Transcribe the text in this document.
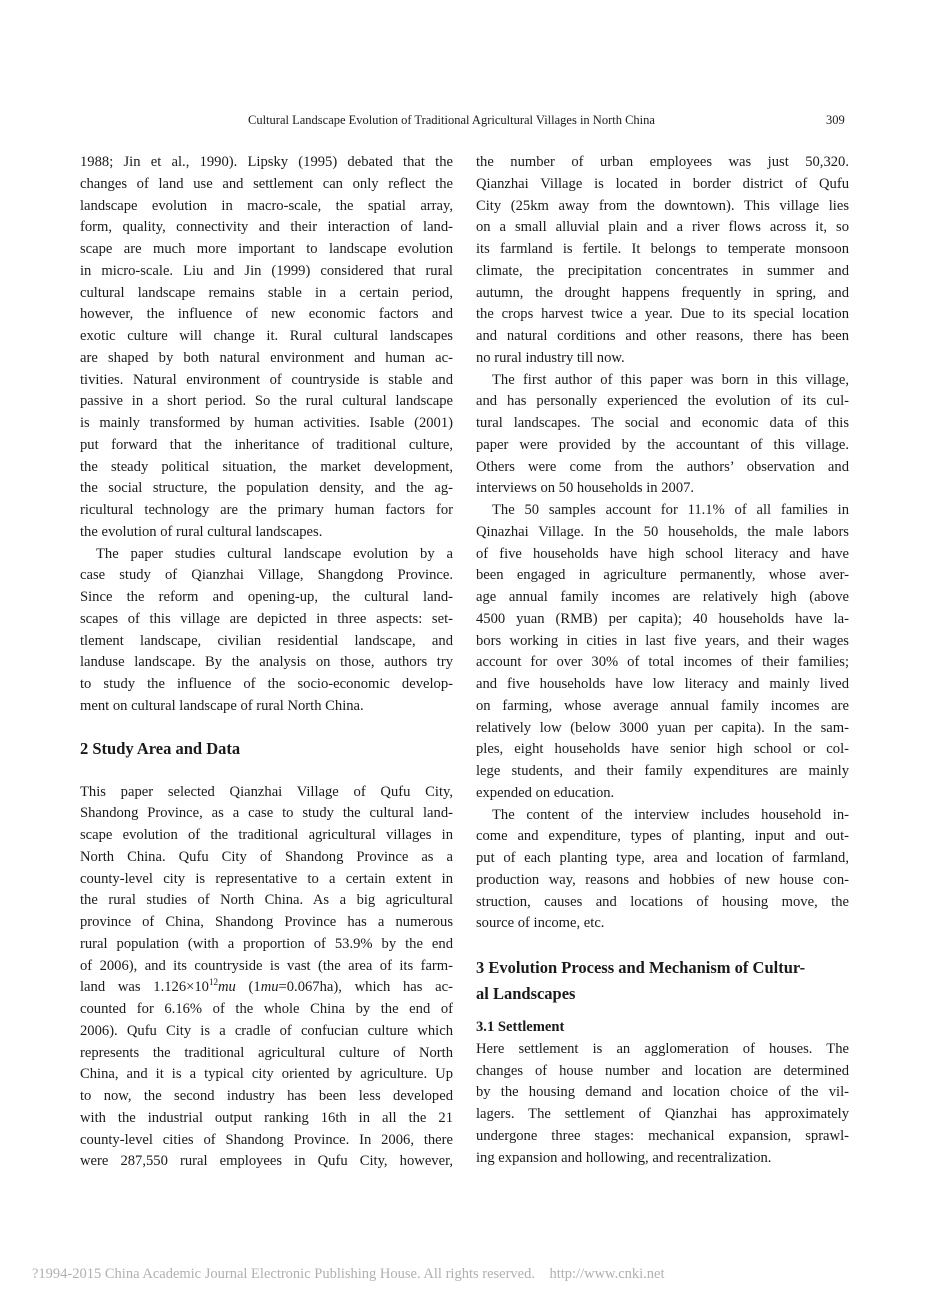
Cultural Landscape Evolution of Traditional Agricultural Villages in North China	309
1988; Jin et al., 1990). Lipsky (1995) debated that the
changes of land use and settlement can only reflect the
landscape evolution in macro-scale, the spatial array,
form, quality, connectivity and their interaction of land-
scape are much more important to landscape evolution
in micro-scale. Liu and Jin (1999) considered that rural
cultural landscape remains stable in a certain period,
however, the influence of new economic factors and
exotic culture will change it. Rural cultural landscapes
are shaped by both natural environment and human ac-
tivities. Natural environment of countryside is stable and
passive in a short period. So the rural cultural landscape
is mainly transformed by human activities. Isable (2001)
put forward that the inheritance of traditional culture,
the steady political situation, the market development,
the social structure, the population density, and the ag-
ricultural technology are the primary human factors for
the evolution of rural cultural landscapes.
The paper studies cultural landscape evolution by a
case study of Qianzhai Village, Shangdong Province.
Since the reform and opening-up, the cultural land-
scapes of this village are depicted in three aspects: set-
tlement landscape, civilian residential landscape, and
landuse landscape. By the analysis on those, authors try
to study the influence of the socio-economic develop-
ment on cultural landscape of rural North China.
2 Study Area and Data
This paper selected Qianzhai Village of Qufu City,
Shandong Province, as a case to study the cultural land-
scape evolution of the traditional agricultural villages in
North China. Qufu City of Shandong Province as a
county-level city is representative to a certain extent in
the rural studies of North China. As a big agricultural
province of China, Shandong Province has a numerous
rural population (with a proportion of 53.9% by the end
of 2006), and its countryside is vast (the area of its farm-
land was $1.126\times 10^{12}mu$ (1mu=0.067ha), which has ac-
counted for 6.16% of the whole China by the end of
2006). Qufu City is a cradle of confucian culture which
represents the traditional agricultural culture of North
China, and it is a typical city oriented by agriculture. Up
to now, the second industry has been less developed
with the industrial output ranking 16th in all the 21
county-level cities of Shandong Province. In 2006, there
were 287,550 rural employees in Qufu City, however,
the number of urban employees was just 50,320.
Qianzhai Village is located in border district of Qufu
City (25km away from the downtown). This village lies
on a small alluvial plain and a river flows across it, so
its farmland is fertile. It belongs to temperate monsoon
climate, the precipitation concentrates in summer and
autumn, the drought happens frequently in spring, and
the crops harvest twice a year. Due to its special location
and natural corditions and other reasons, there has been
no rural industry till now.
The first author of this paper was born in this village,
and has personally experienced the evolution of its cul-
tural landscapes. The social and economic data of this
paper were provided by the accountant of this village.
Others were come from the authors’ observation and
interviews on 50 households in 2007.
The 50 samples account for 11.1% of all families in
Qinazhai Village. In the 50 households, the male labors
of five households have high school literacy and have
been engaged in agriculture permanently, whose aver-
age annual family incomes are relatively high (above
4500 yuan (RMB) per capita); 40 households have la-
bors working in cities in last five years, and their wages
account for over 30% of total incomes of their families;
and five households have low literacy and mainly lived
on farming, whose average annual family incomes are
relatively low (below 3000 yuan per capita). In the sam-
ples, eight households have senior high school or col-
lege students, and their family expenditures are mainly
expended on education.
The content of the interview includes household in-
come and expenditure, types of planting, input and out-
put of each planting type, area and location of farmland,
production way, reasons and hobbies of new house con-
struction, causes and locations of housing move, the
source of income, etc.
3 Evolution Process and Mechanism of Cultur-
al Landscapes
3.1 Settlement
Here settlement is an agglomeration of houses. The
changes of house number and location are determined
by the housing demand and location choice of the vil-
lagers. The settlement of Qianzhai has approximately
undergone three stages: mechanical expansion, sprawl-
ing expansion and hollowing, and recentralization.
?1994-2015 China Academic Journal Electronic Publishing House. All rights reserved. http://www.cnki.net
